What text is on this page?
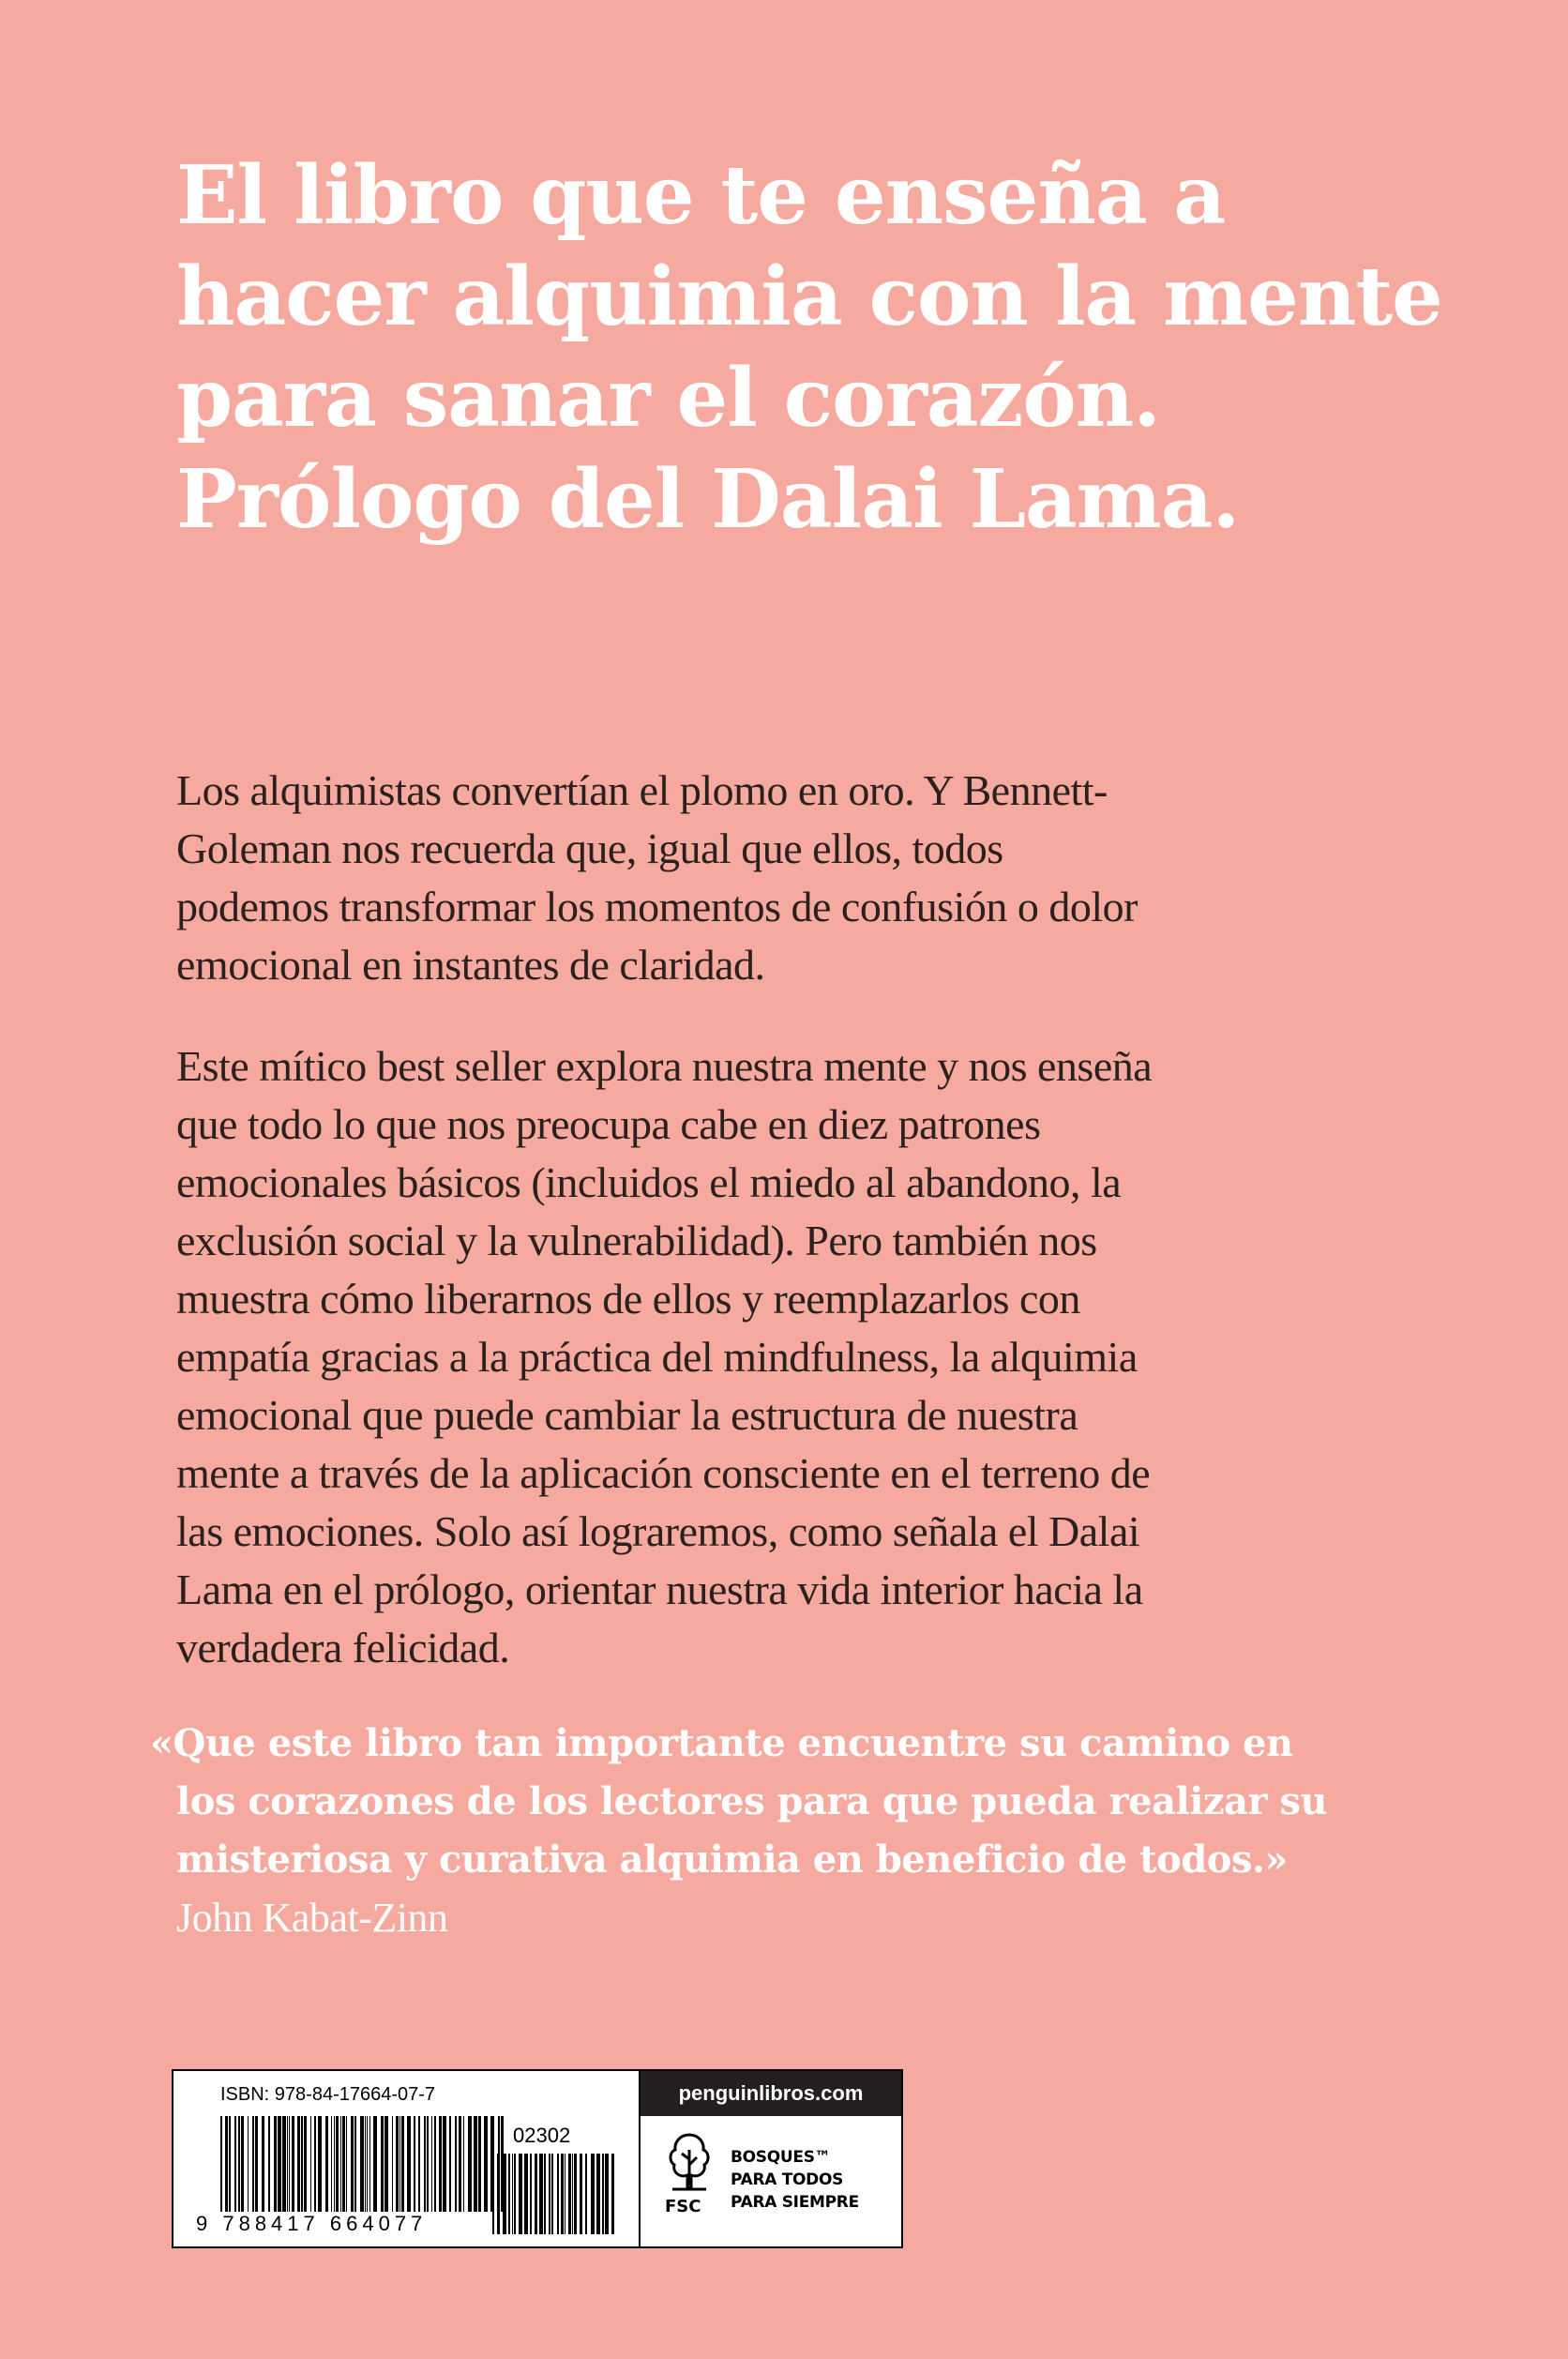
El libro que te enseña a
hacer alquimia con la mente
para sanar el corazón.
Prólogo del Dalai Lama.

Los alquimistas convertían el plomo en oro. Y Bennett-
Goleman nos recuerda que, igual que ellos, todos
podemos transformar los momentos de confusión o dolor
emocional en instantes de claridad.

Este mítico best seller explora nuestra mente y nos enseña
que todo lo que nos preocupa cabe en diez patrones
emocionales básicos (incluidos el miedo al abandono, la
exclusión social y la vulnerabilidad). Pero también nos
muestra cómo liberarnos de ellos y reemplazarlos con
empatía gracias a la práctica del mindfulness, la alquimia
emocional que puede cambiar la estructura de nuestra
mente a través de la aplicación consciente en el terreno de
las emociones. Solo así lograremos, como señala el Dalai
Lama en el prólogo, orientar nuestra vida interior hacia la
verdadera felicidad.

«Que este libro tan importante encuentre su camino en
los corazones de los lectores para que pueda realizar su
misteriosa y curativa alquimia en beneficio de todos.»
John Kabat-Zinn
ISBN: 978-84-17664-07-7
9 788417 664077
02302
penguinlibros.com
FSC
BOSQUES™
PARA TODOS
PARA SIEMPRE
